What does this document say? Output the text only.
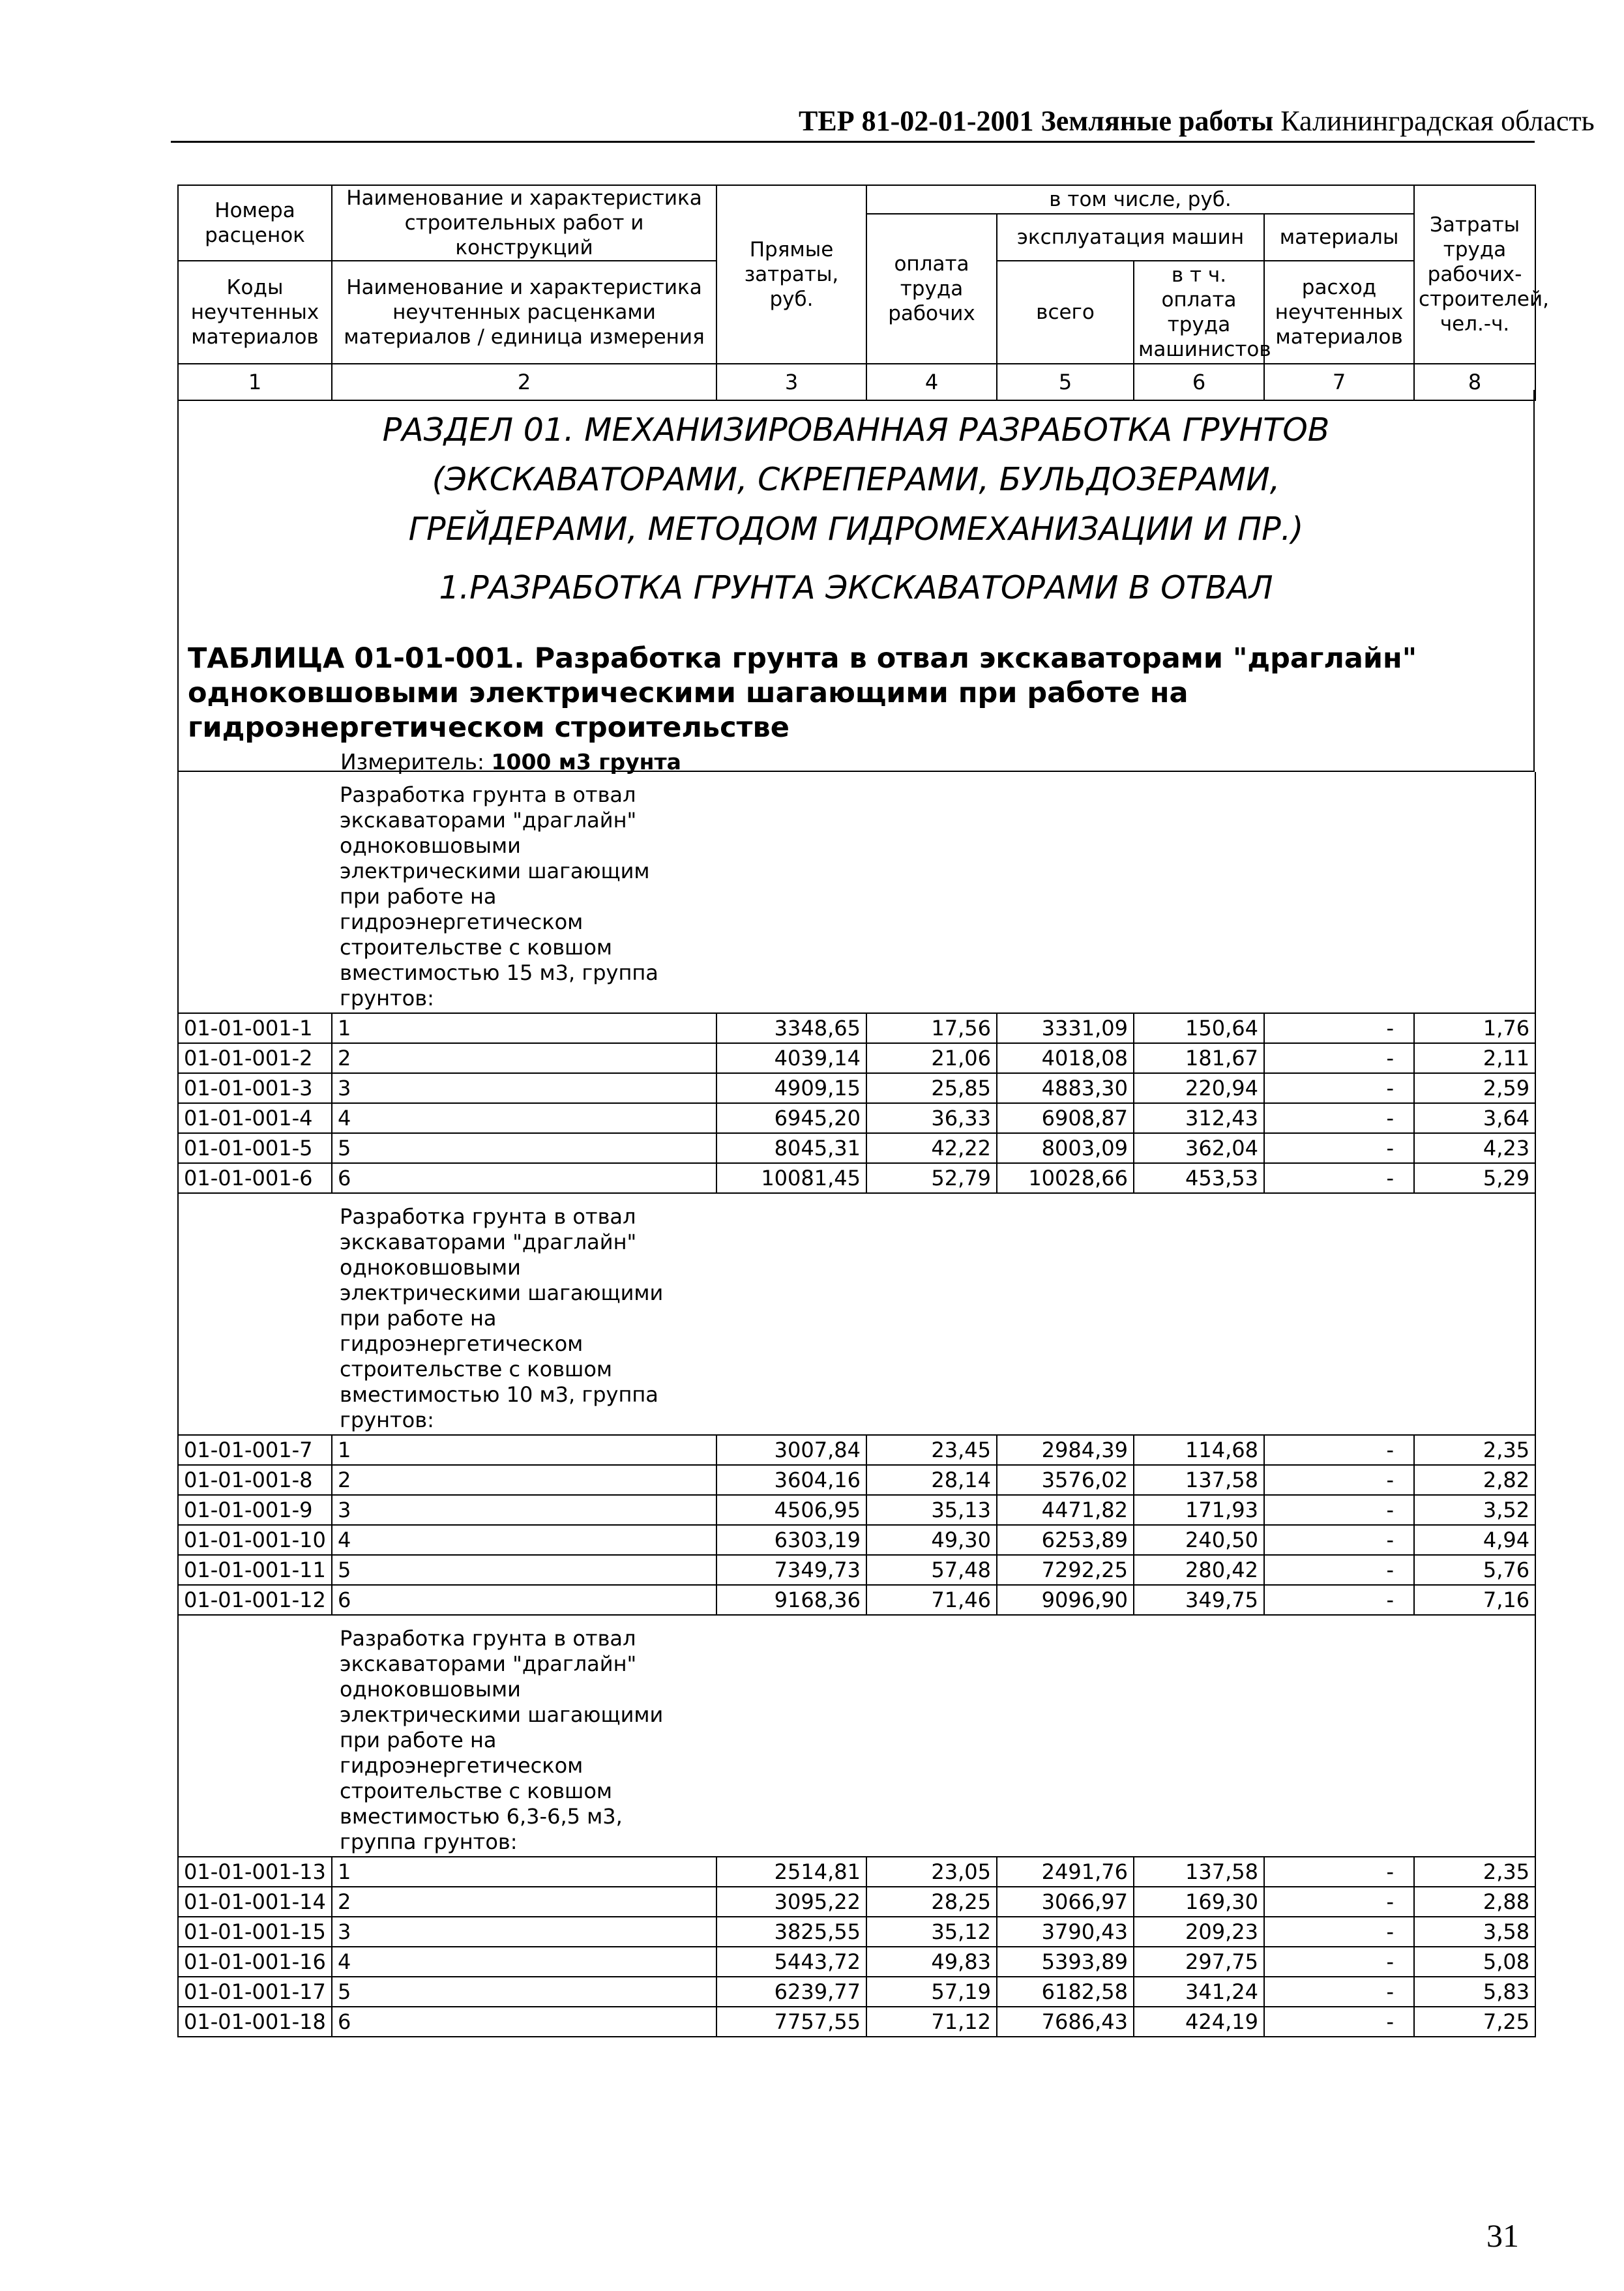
ТЕР 81-02-01-2001 Земляные работы Калининградская область
Номера расценок	Наименование и характеристика строительных работ и конструкций	Прямые затраты, руб.	в том числе, руб.				Затраты труда рабочих-строителей, чел.-ч.
			оплата труда рабочих	эксплуатация машин		материалы	
Коды неучтенных материалов	Наименование и характеристика неучтенных расценками материалов / единица измерения			всего	в т ч. оплата труда машинистов	расход неучтенных материалов	

1	2	3	4	5	6	7	8
РАЗДЕЛ 01. МЕХАНИЗИРОВАННАЯ РАЗРАБОТКА ГРУНТОВ (ЭКСКАВАТОРАМИ, СКРЕПЕРАМИ, БУЛЬДОЗЕРАМИ, ГРЕЙДЕРАМИ, МЕТОДОМ ГИДРОМЕХАНИЗАЦИИ И ПР.)
1.РАЗРАБОТКА ГРУНТА ЭКСКАВАТОРАМИ В ОТВАЛ
ТАБЛИЦА 01-01-001. Разработка грунта в отвал экскаваторами "драглайн" одноковшовыми электрическими шагающими при работе на гидроэнергетическом строительстве
Измеритель: 1000 м3 грунта

	Разработка грунта в отвал экскаваторами "драглайн" одноковшовыми электрическими шагающим при работе на гидроэнергетическом строительстве с ковшом вместимостью 15 м3, группа грунтов:						

01-01-001-1	1	3348,65	17,56	3331,09	150,64	-	1,76
01-01-001-2	2	4039,14	21,06	4018,08	181,67	-	2,11
01-01-001-3	3	4909,15	25,85	4883,30	220,94	-	2,59
01-01-001-4	4	6945,20	36,33	6908,87	312,43	-	3,64
01-01-001-5	5	8045,31	42,22	8003,09	362,04	-	4,23
01-01-001-6	6	10081,45	52,79	10028,66	453,53	-	5,29

	Разработка грунта в отвал экскаваторами "драглайн" одноковшовыми электрическими шагающими при работе на гидроэнергетическом строительстве с ковшом вместимостью 10 м3, группа грунтов:						

01-01-001-7	1	3007,84	23,45	2984,39	114,68	-	2,35
01-01-001-8	2	3604,16	28,14	3576,02	137,58	-	2,82
01-01-001-9	3	4506,95	35,13	4471,82	171,93	-	3,52
01-01-001-10	4	6303,19	49,30	6253,89	240,50	-	4,94
01-01-001-11	5	7349,73	57,48	7292,25	280,42	-	5,76
01-01-001-12	6	9168,36	71,46	9096,90	349,75	-	7,16

	Разработка грунта в отвал экскаваторами "драглайн" одноковшовыми электрическими шагающими при работе на гидроэнергетическом строительстве с ковшом вместимостью 6,3-6,5 м3, группа грунтов:						

01-01-001-13	1	2514,81	23,05	2491,76	137,58	-	2,35
01-01-001-14	2	3095,22	28,25	3066,97	169,30	-	2,88
01-01-001-15	3	3825,55	35,12	3790,43	209,23	-	3,58
01-01-001-16	4	5443,72	49,83	5393,89	297,75	-	5,08
01-01-001-17	5	6239,77	57,19	6182,58	341,24	-	5,83
01-01-001-18	6	7757,55	71,12	7686,43	424,19	-	7,25
31
